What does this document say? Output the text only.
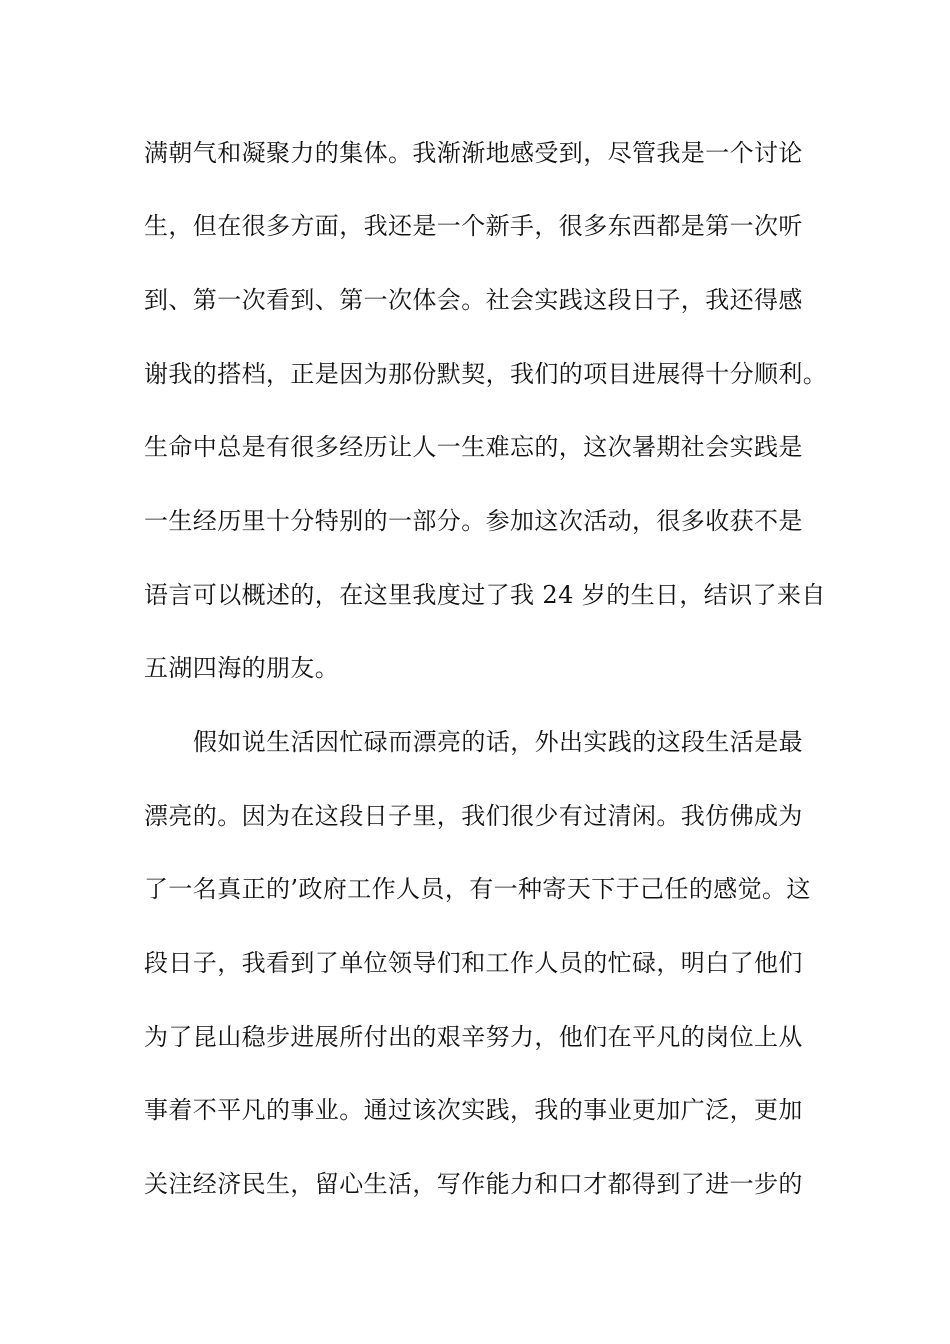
满朝气和凝聚力的集体。我渐渐地感受到，尽管我是一个讨论
生，但在很多方面，我还是一个新手，很多东西都是第一次听
到、第一次看到、第一次体会。社会实践这段日子，我还得感
谢我的搭档，正是因为那份默契，我们的项目进展得十分顺利。
生命中总是有很多经历让人一生难忘的，这次暑期社会实践是
一生经历里十分特别的一部分。参加这次活动，很多收获不是
语言可以概述的，在这里我度过了我 24 岁的生日，结识了来自
五湖四海的朋友。
假如说生活因忙碌而漂亮的话，外出实践的这段生活是最
漂亮的。因为在这段日子里，我们很少有过清闲。我仿佛成为
了一名真正的’政府工作人员，有一种寄天下于己任的感觉。这
段日子，我看到了单位领导们和工作人员的忙碌，明白了他们
为了昆山稳步进展所付出的艰辛努力，他们在平凡的岗位上从
事着不平凡的事业。通过该次实践，我的事业更加广泛，更加
关注经济民生，留心生活，写作能力和口才都得到了进一步的
